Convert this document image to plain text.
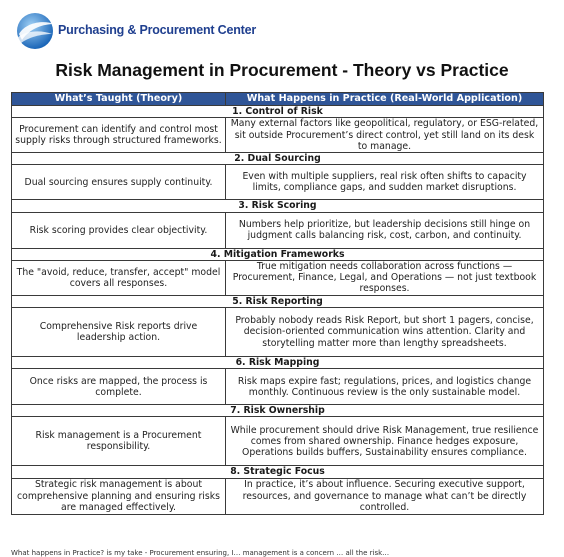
Purchasing & Procurement Center
Risk Management in Procurement - Theory vs Practice
What’s Taught (Theory)	What Happens in Practice (Real-World Application)
1. Control of Risk	
Procurement can identify and control most supply risks through structured frameworks.	Many external factors like geopolitical, regulatory, or ESG-related, sit outside Procurement’s direct control, yet still land on its desk to manage.
2. Dual Sourcing	
Dual sourcing ensures supply continuity.	Even with multiple suppliers, real risk often shifts to capacity limits, compliance gaps, and sudden market disruptions.
3. Risk Scoring	
Risk scoring provides clear objectivity.	Numbers help prioritize, but leadership decisions still hinge on judgment calls balancing risk, cost, carbon, and continuity.
4. Mitigation Frameworks	
The "avoid, reduce, transfer, accept" model covers all responses.	True mitigation needs collaboration across functions — Procurement, Finance, Legal, and Operations — not just textbook responses.
5. Risk Reporting	
Comprehensive Risk reports drive leadership action.	Probably nobody reads Risk Report, but short 1 pagers, concise, decision-oriented communication wins attention. Clarity and storytelling matter more than lengthy spreadsheets.
6. Risk Mapping	
Once risks are mapped, the process is complete.	Risk maps expire fast; regulations, prices, and logistics change monthly. Continuous review is the only sustainable model.
7. Risk Ownership	
Risk management is a Procurement responsibility.	While procurement should drive Risk Management, true resilience comes from shared ownership. Finance hedges exposure, Operations builds buffers, Sustainability ensures compliance.
8. Strategic Focus	
Strategic risk management is about comprehensive planning and ensuring risks are managed effectively.	In practice, it’s about influence. Securing executive support, resources, and governance to manage what can’t be directly controlled.
What happens in Practice? is my take - Procurement ensuring, I… management is a concern … all the risk…
